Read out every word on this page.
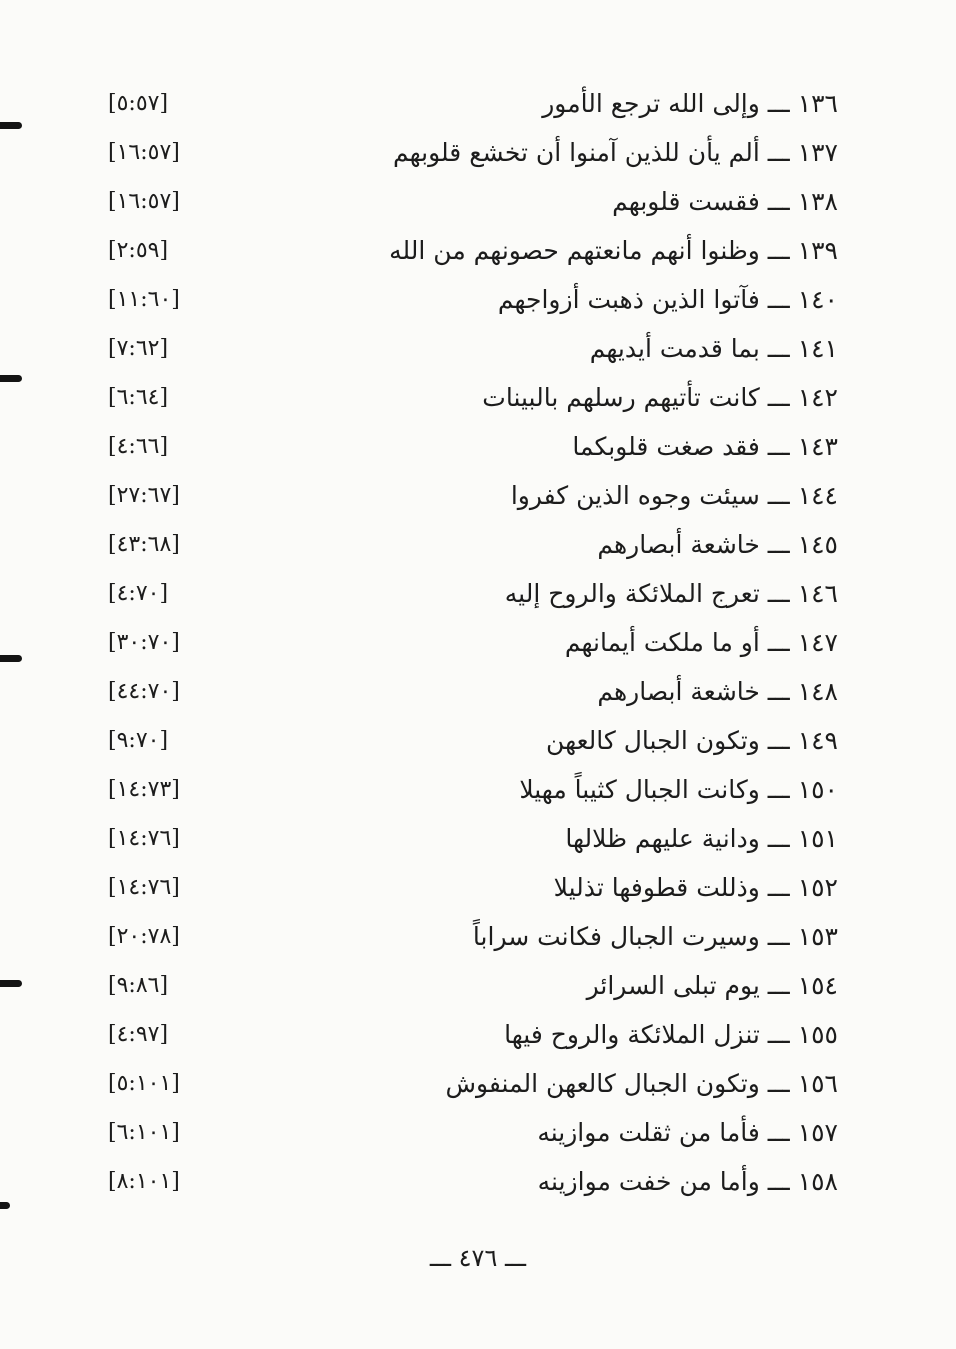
١٣٦ ـــ وإلى الله ترجع الأمور
[٥:٥٧]
١٣٧ ـــ ألم يأن للذين آمنوا أن تخشع قلوبهم
[١٦:٥٧]
١٣٨ ـــ فقست قلوبهم
[١٦:٥٧]
١٣٩ ـــ وظنوا أنهم مانعتهم حصونهم من الله
[٢:٥٩]
١٤٠ ـــ فآتوا الذين ذهبت أزواجهم
[١١:٦٠]
١٤١ ـــ بما قدمت أيديهم
[٧:٦٢]
١٤٢ ـــ كانت تأتيهم رسلهم بالبينات
[٦:٦٤]
١٤٣ ـــ فقد صغت قلوبكما
[٤:٦٦]
١٤٤ ـــ سيئت وجوه الذين كفروا
[٢٧:٦٧]
١٤٥ ـــ خاشعة أبصارهم
[٤٣:٦٨]
١٤٦ ـــ تعرج الملائكة والروح إليه
[٤:٧٠]
١٤٧ ـــ أو ما ملكت أيمانهم
[٣٠:٧٠]
١٤٨ ـــ خاشعة أبصارهم
[٤٤:٧٠]
١٤٩ ـــ وتكون الجبال كالعهن
[٩:٧٠]
١٥٠ ـــ وكانت الجبال كثيباً مهيلا
[١٤:٧٣]
١٥١ ـــ ودانية عليهم ظلالها
[١٤:٧٦]
١٥٢ ـــ وذللت قطوفها تذليلا
[١٤:٧٦]
١٥٣ ـــ وسيرت الجبال فكانت سراباً
[٢٠:٧٨]
١٥٤ ـــ يوم تبلى السرائر
[٩:٨٦]
١٥٥ ـــ تنزل الملائكة والروح فيها
[٤:٩٧]
١٥٦ ـــ وتكون الجبال كالعهن المنفوش
[٥:١٠١]
١٥٧ ـــ فأما من ثقلت موازينه
[٦:١٠١]
١٥٨ ـــ وأما من خفت موازينه
[٨:١٠١]
ـــ ٤٧٦ ـــ
